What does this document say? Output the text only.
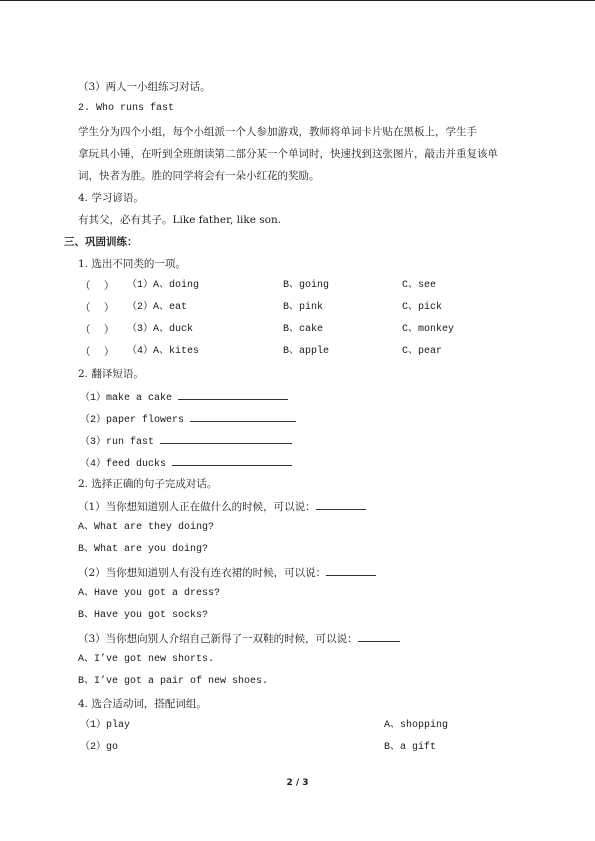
（3）两人一小组练习对话。
2. Who runs fast
学生分为四个小组，每个小组派一个人参加游戏，教师将单词卡片贴在黑板上，学生手
拿玩具小锤，在听到全班朗读第二部分某一个单词时，快速找到这张图片，敲击并重复该单
词，快者为胜。胜的同学将会有一朵小红花的奖励。
4. 学习谚语。
有其父，必有其子。Like father, like son.
三、巩固训练：
1. 选出不同类的一项。
（    ） （1）A、doing	B、going	C、see
（    ） （2）A、eat	B、pink	C、pick
（    ） （3）A、duck	B、cake	C、monkey
（    ） （4）A、kites	B、apple	C、pear
2. 翻译短语。
（1）make a cake
（2）paper flowers
（3）run fast
（4）feed ducks
2. 选择正确的句子完成对话。
（1）当你想知道别人正在做什么的时候，可以说：
A、What are they doing?
B、What are you doing?
（2）当你想知道别人有没有连衣裙的时候，可以说：
A、Have you got a dress?
B、Have you got socks?
（3）当你想向别人介绍自己新得了一双鞋的时候，可以说：
A、I’ve got new shorts.
B、I’ve got a pair of new shoes.
4. 选合适动词，搭配词组。
（1）play	A、shopping
（2）go	B、a gift
2 / 3
